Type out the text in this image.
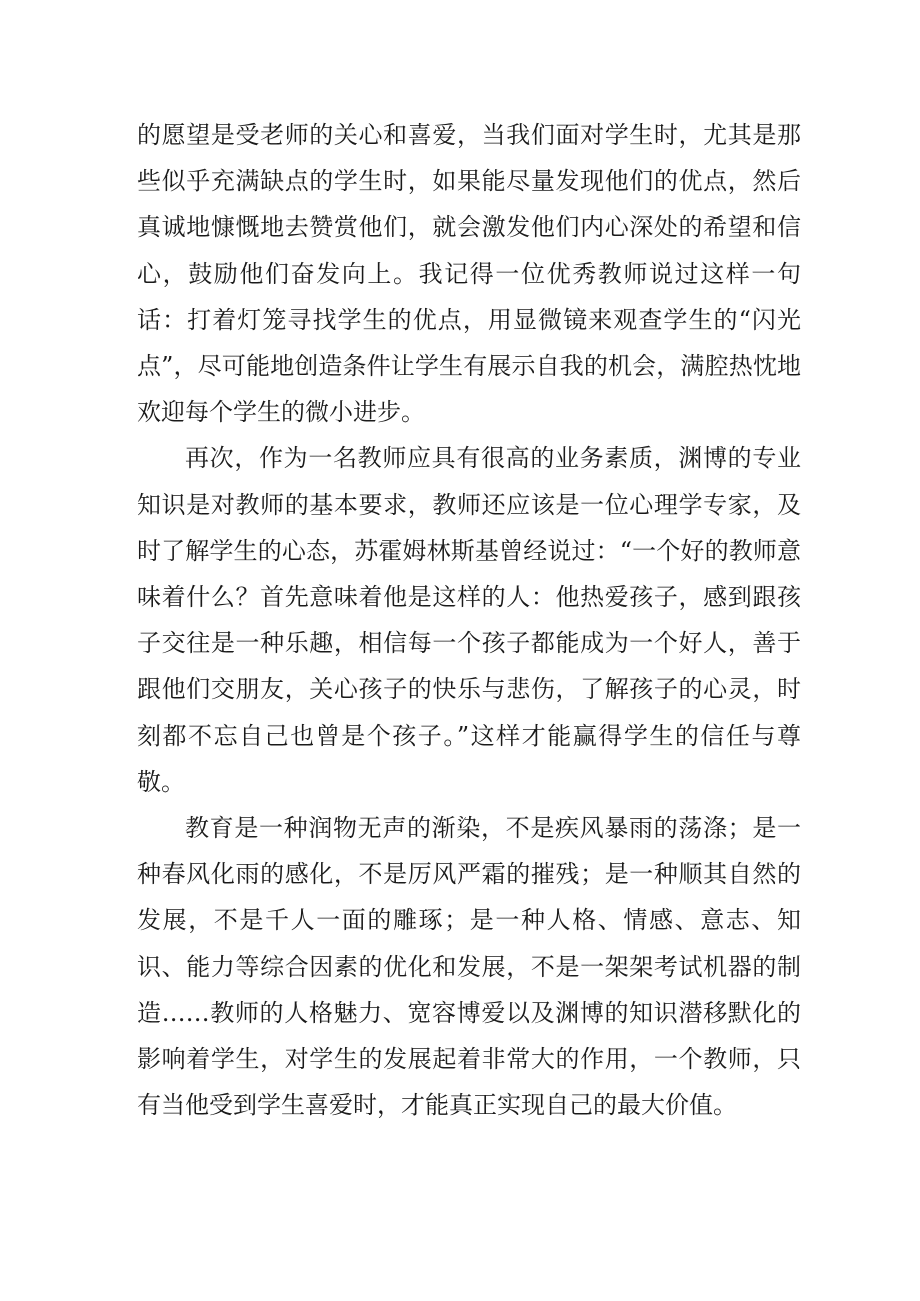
的愿望是受老师的关心和喜爱，当我们面对学生时，尤其是那些似乎充满缺点的学生时，如果能尽量发现他们的优点，然后真诚地慷慨地去赞赏他们，就会激发他们内心深处的希望和信心，鼓励他们奋发向上。我记得一位优秀教师说过这样一句话：打着灯笼寻找学生的优点，用显微镜来观查学生的“闪光点”，尽可能地创造条件让学生有展示自我的机会，满腔热忱地欢迎每个学生的微小进步。

再次，作为一名教师应具有很高的业务素质，渊博的专业知识是对教师的基本要求，教师还应该是一位心理学专家，及时了解学生的心态，苏霍姆林斯基曾经说过：“一个好的教师意味着什么？首先意味着他是这样的人：他热爱孩子，感到跟孩子交往是一种乐趣，相信每一个孩子都能成为一个好人，善于跟他们交朋友，关心孩子的快乐与悲伤，了解孩子的心灵，时刻都不忘自己也曾是个孩子。”这样才能赢得学生的信任与尊敬。

教育是一种润物无声的渐染，不是疾风暴雨的荡涤；是一种春风化雨的感化，不是厉风严霜的摧残；是一种顺其自然的发展，不是千人一面的雕琢；是一种人格、情感、意志、知识、能力等综合因素的优化和发展，不是一架架考试机器的制造……教师的人格魅力、宽容博爱以及渊博的知识潜移默化的影响着学生，对学生的发展起着非常大的作用，一个教师，只有当他受到学生喜爱时，才能真正实现自己的最大价值。
